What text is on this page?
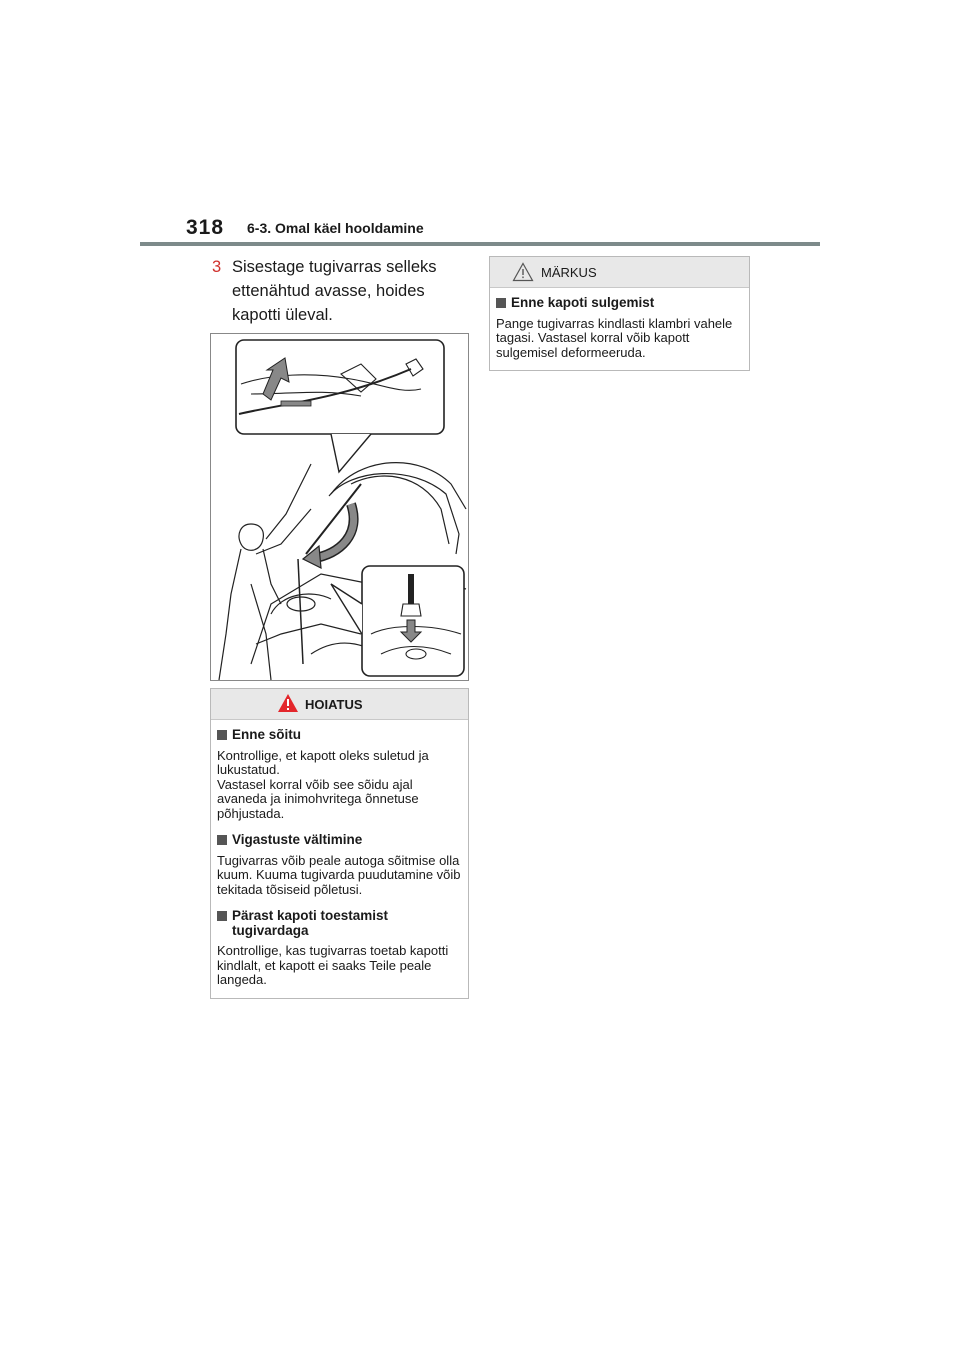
318 6-3. Omal käel hooldamine
3 Sisestage tugivarras selleks ettenähtud avasse, hoides kapotti üleval.
HOIATUS
Enne sõitu
Kontrollige, et kapott oleks suletud ja lukustatud.
Vastasel korral võib see sõidu ajal avaneda ja inimohvritega õnnetuse põhjustada.
Vigastuste vältimine
Tugivarras võib peale autoga sõitmise olla kuum. Kuuma tugivarda puudutamine võib tekitada tõsiseid põletusi.
Pärast kapoti toestamist tugivardaga
Kontrollige, kas tugivarras toetab kapotti kindlalt, et kapott ei saaks Teile peale langeda.
MÄRKUS
Enne kapoti sulgemist
Pange tugivarras kindlasti klambri vahele tagasi. Vastasel korral võib kapott sulgemisel deformeeruda.
